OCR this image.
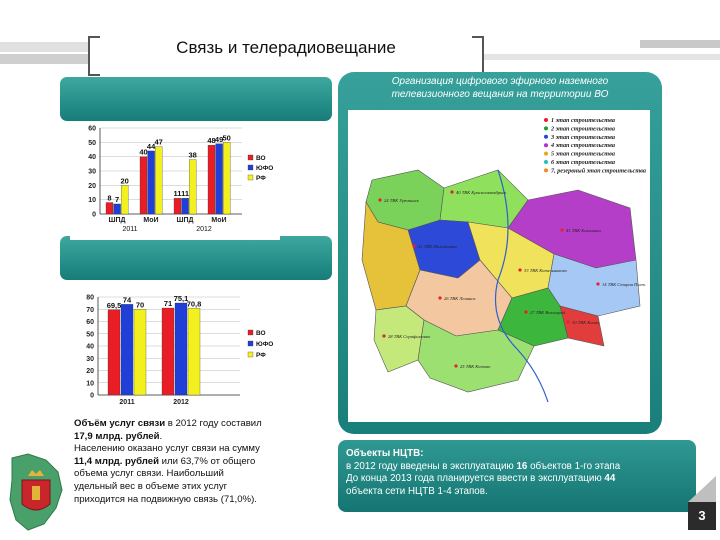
Связь и телерадиовещание
0
10
20
30
40
50
60
8 7
20
ШПД
40
44 47
МоИ
11 11
38
ШПД
48 49 50
МоИ
2011	2012
ВО
ЮФО
РФ
0
10
20
30
40
50
60
70
80
69,5
74
70
2011
71
75,1
70,8
2012
ВО
ЮФО
РФ
Объём услуг связи в 2012 году составил
17,9 млрд. рублей.
Населению оказано услуг связи на сумму
11,4 млрд. рублей или 63,7% от общего
объема услуг связи. Наибольший
удельный вес в объеме этих услуг
приходится на подвижную связь (71,0%).
Организация цифрового эфирного наземного
телевизионного вещания на территории ВО
1 этап строительства
2 этап строительства
3 этап строительства
4 этап строительства
5 этап строительства
6 этап строительства
7, резервный этап строительства
40 ТВК Краснооктябрьск
24 ТВК Урюпинск
21 ТВК Михайловка
41 ТВК Камышин
33 ТВК Котельниково
27 ТВК Волгоград
14 ТВК Старая Полт.
26 ТВК Ленинск
28 ТВК Серафимович
25 ТВК Котово
30 ТВК Калач
Объекты НЦТВ:
в 2012 году введены в эксплуатацию 16 объектов 1-го этапа
До конца 2013 года планируется ввести в эксплуатацию 44
объекта сети НЦТВ 1-4 этапов.
3
